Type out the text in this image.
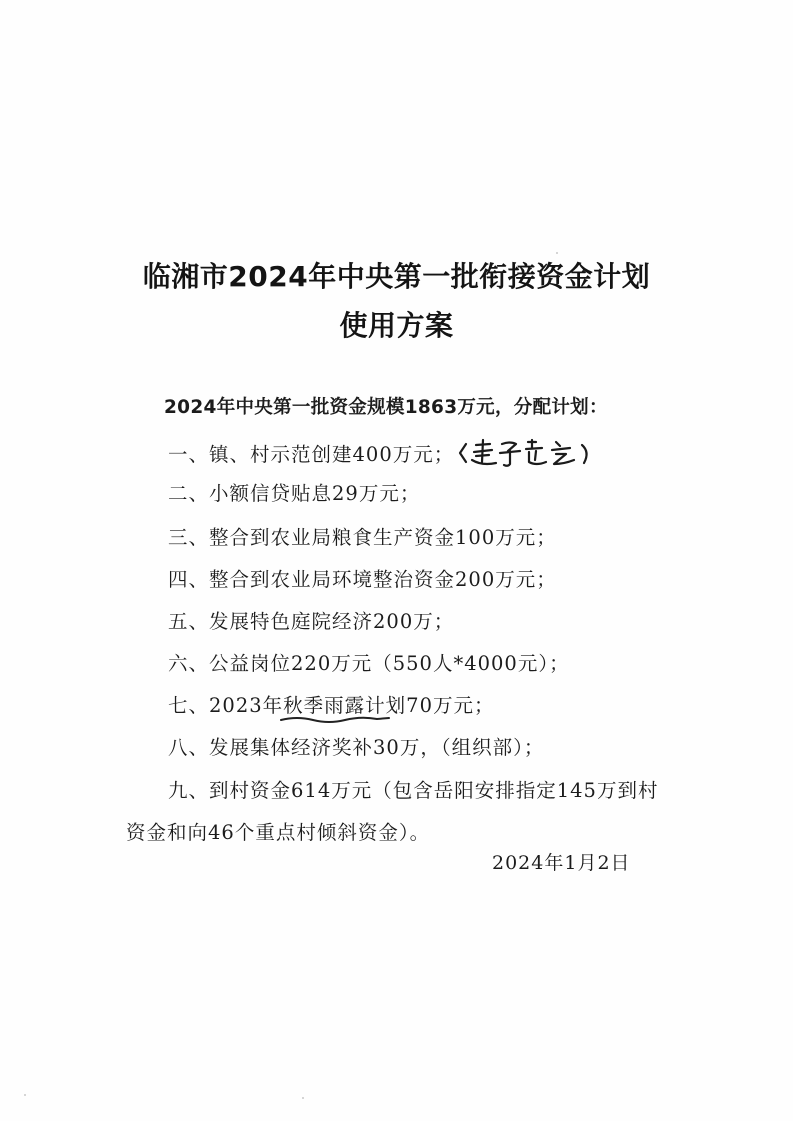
临湘市2024年中央第一批衔接资金计划
使用方案
2024年中央第一批资金规模1863万元，分配计划：
一、镇、村示范创建400万元；
二、小额信贷贴息29万元；
三、整合到农业局粮食生产资金100万元；
四、整合到农业局环境整治资金200万元；
五、发展特色庭院经济200万；
六、公益岗位220万元（550人*4000元）；
七、2023年秋季雨露
计划70万元；
八、发展集体经济奖补30万，（组织部）；
九、到村资金614万元（包含岳阳安排指定145万到村
资金和向46个重点村倾斜资金）。
2024年1月2日
